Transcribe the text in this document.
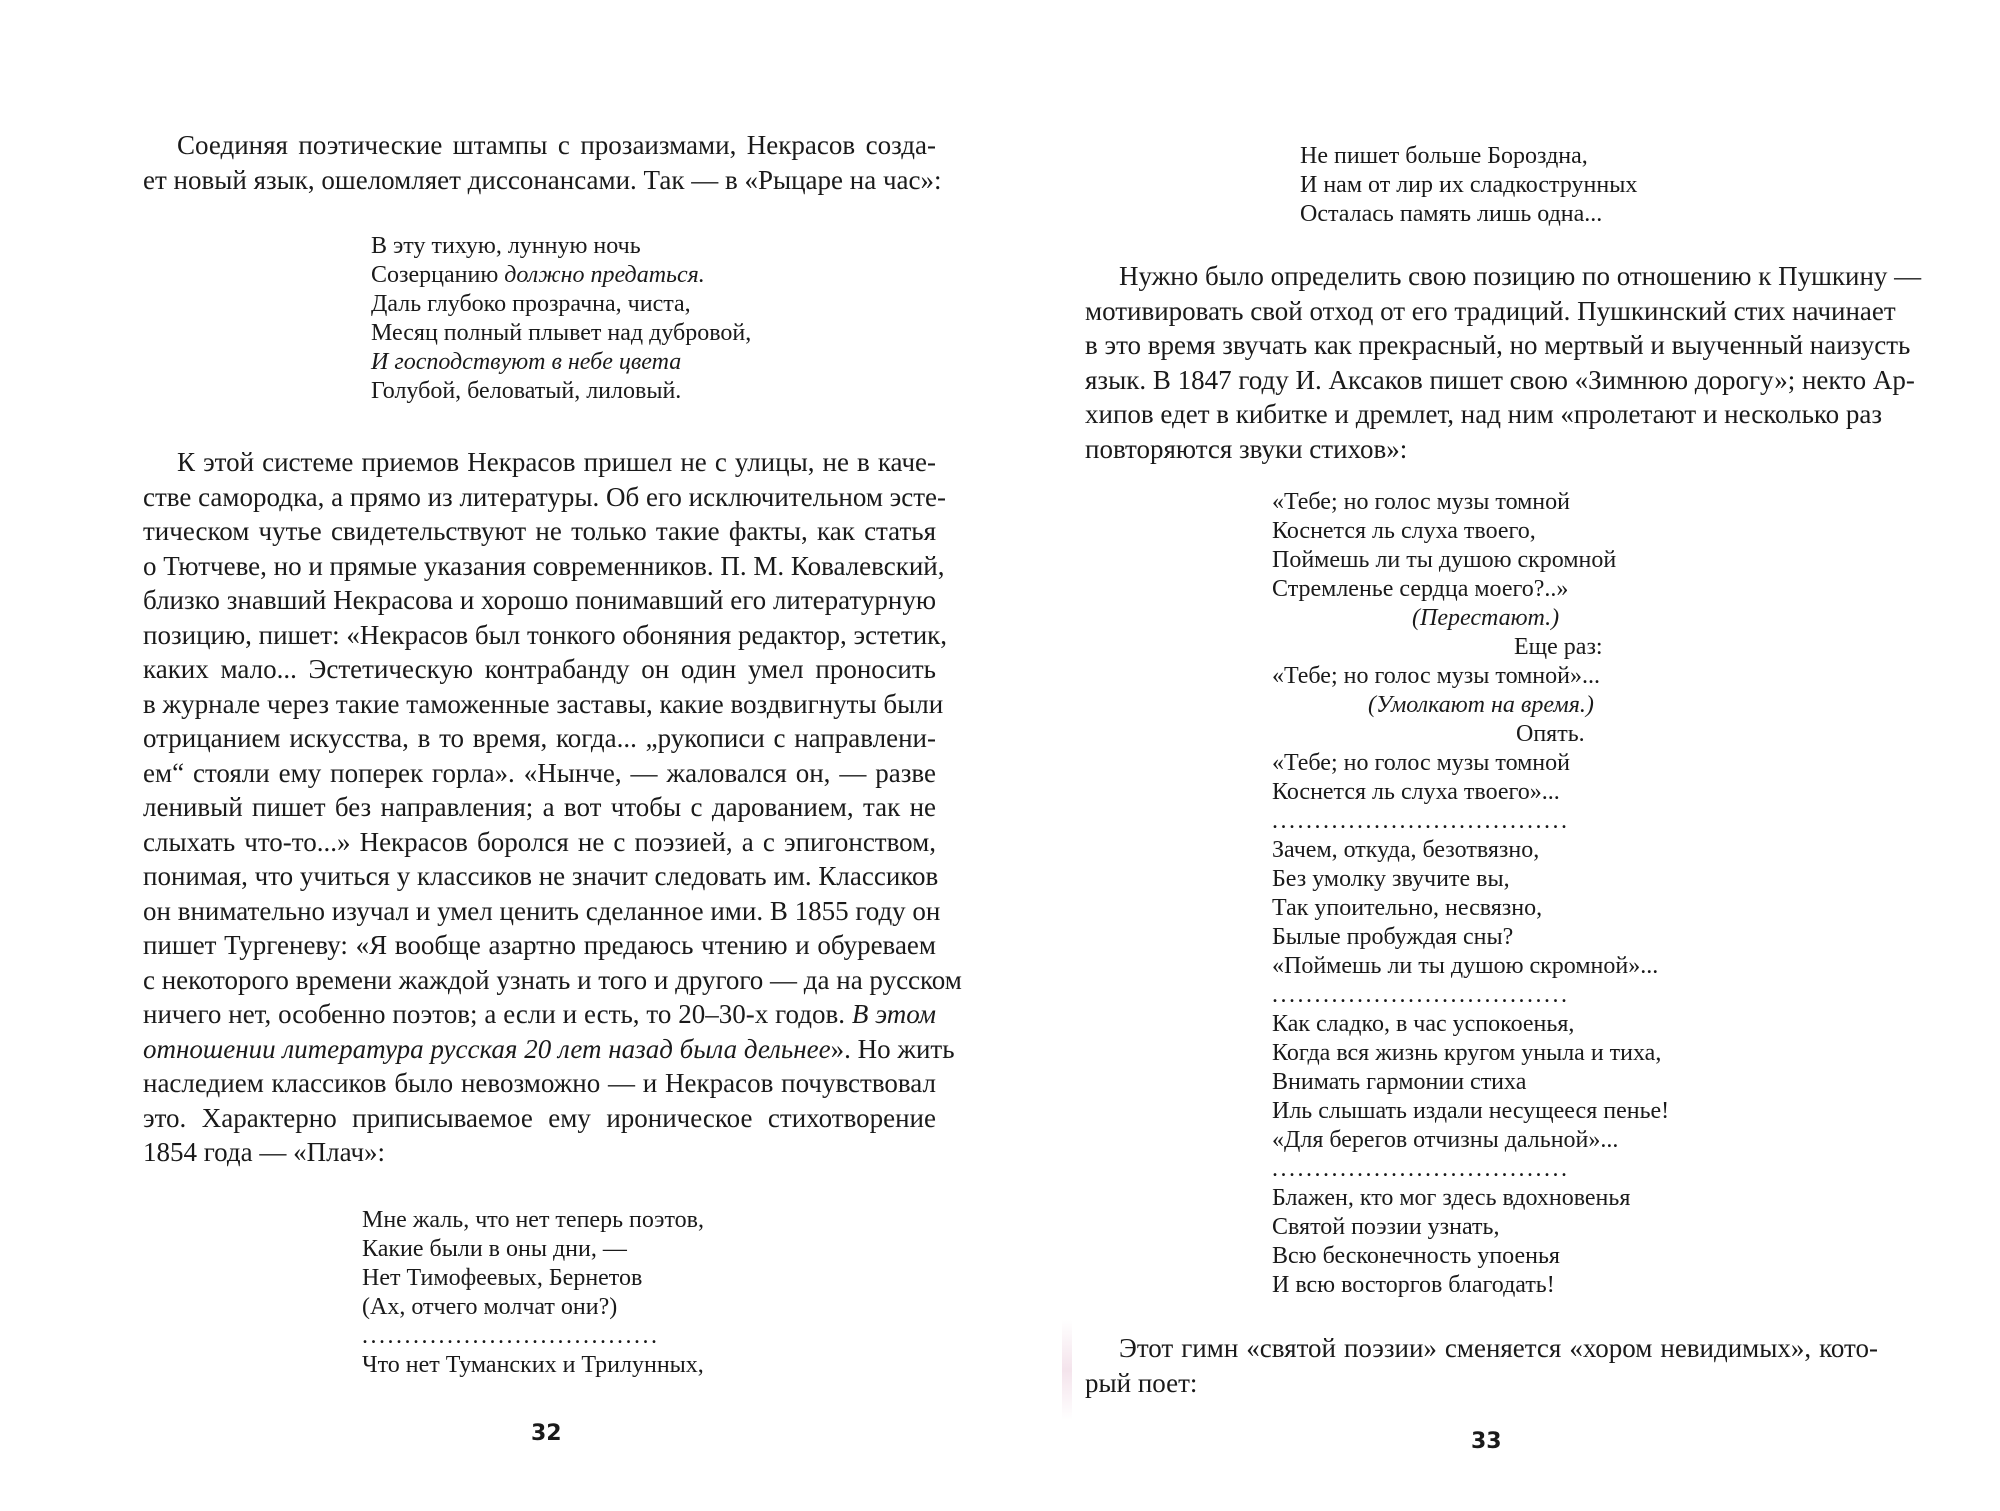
Соединяя поэтические штампы с прозаизмами, Некрасов созда-
ет новый язык, ошеломляет диссонансами. Так — в «Рыцаре на час»:
В эту тихую, лунную ночь
Созерцанию должно предаться.
Даль глубоко прозрачна, чиста,
Месяц полный плывет над дубровой,
И господствуют в небе цвета
Голубой, беловатый, лиловый.
К этой системе приемов Некрасов пришел не с улицы, не в каче-
стве самородка, а прямо из литературы. Об его исключительном эсте-
тическом чутье свидетельствуют не только такие факты, как статья
о Тютчеве, но и прямые указания современников. П. М. Ковалевский,
близко знавший Некрасова и хорошо понимавший его литературную
позицию, пишет: «Некрасов был тонкого обоняния редактор, эстетик,
каких мало... Эстетическую контрабанду он один умел проносить
в журнале через такие таможенные заставы, какие воздвигнуты были
отрицанием искусства, в то время, когда... „рукописи с направлени-
ем“ стояли ему поперек горла». «Нынче, — жаловался он, — разве
ленивый пишет без направления; а вот чтобы с дарованием, так не
слыхать что-то...» Некрасов боролся не с поэзией, а с эпигонством,
понимая, что учиться у классиков не значит следовать им. Классиков
он внимательно изучал и умел ценить сделанное ими. В 1855 году он
пишет Тургеневу: «Я вообще азартно предаюсь чтению и обуреваем
с некоторого времени жаждой узнать и того и другого — да на русском
ничего нет, особенно поэтов; а если и есть, то 20–30-х годов. В этом
отношении литература русская 20 лет назад была дельнее». Но жить
наследием классиков было невозможно — и Некрасов почувствовал
это. Характерно приписываемое ему ироническое стихотворение
1854 года — «Плач»:
Мне жаль, что нет теперь поэтов,
Какие были в оны дни, —
Нет Тимофеевых, Бернетов
(Ах, отчего молчат они?)
...................................
Что нет Туманских и Трилунных,
32
Не пишет больше Бороздна,
И нам от лир их сладкострунных
Осталась память лишь одна...
Нужно было определить свою позицию по отношению к Пушкину —
мотивировать свой отход от его традиций. Пушкинский стих начинает
в это время звучать как прекрасный, но мертвый и выученный наизусть
язык. В 1847 году И. Аксаков пишет свою «Зимнюю дорогу»; некто Ар-
хипов едет в кибитке и дремлет, над ним «пролетают и несколько раз
повторяются звуки стихов»:
«Тебе; но голос музы томной
Коснется ль слуха твоего,
Поймешь ли ты душою скромной
Стремленье сердца моего?..»
(Перестают.)
Еще раз:
«Тебе; но голос музы томной»...
(Умолкают на время.)
Опять.
«Тебе; но голос музы томной
Коснется ль слуха твоего»...
...................................
Зачем, откуда, безотвязно,
Без умолку звучите вы,
Так упоительно, несвязно,
Былые пробуждая сны?
«Поймешь ли ты душою скромной»...
...................................
Как сладко, в час успокоенья,
Когда вся жизнь кругом уныла и тиха,
Внимать гармонии стиха
Иль слышать издали несущееся пенье!
«Для берегов отчизны дальной»...
...................................
Блажен, кто мог здесь вдохновенья
Святой поэзии узнать,
Всю бесконечность упоенья
И всю восторгов благодать!
Этот гимн «святой поэзии» сменяется «хором невидимых», кото-
рый поет:
33
